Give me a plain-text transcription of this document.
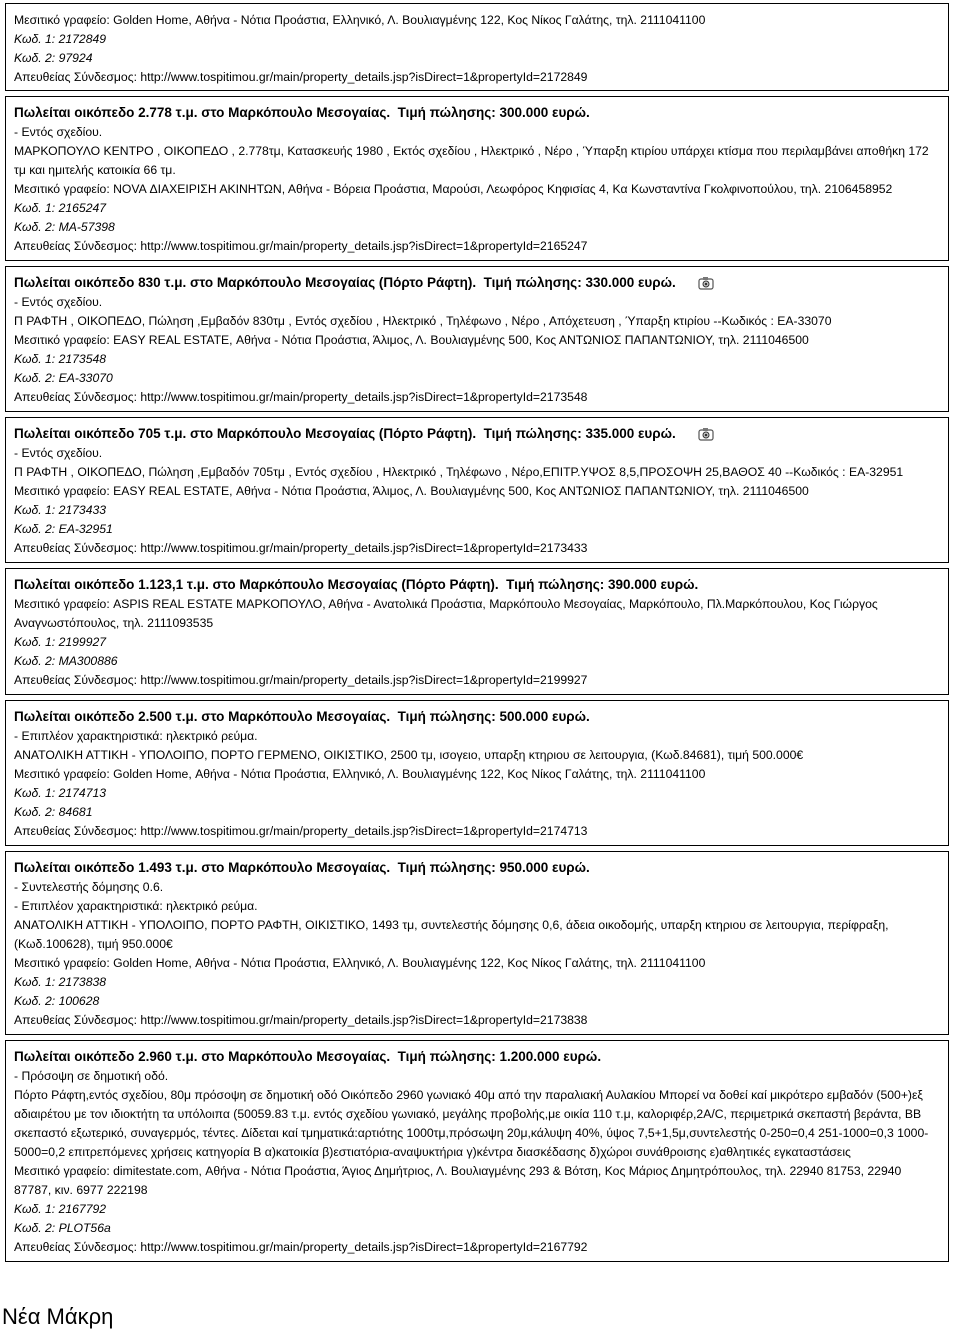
Μεσιτικό γραφείο: Golden Home, Αθήνα - Νότια Προάστια, Ελληνικό, Λ. Βουλιαγμένης 122, Κος Νίκος Γαλάτης, τηλ. 2111041100
Κωδ. 1: 2172849
Κωδ. 2: 97924
Απευθείας Σύνδεσμος: http://www.tospitimou.gr/main/property_details.jsp?isDirect=1&propertyId=2172849
Πωλείται οικόπεδο 2.778 τ.μ. στο Μαρκόπουλο Μεσογαίας.  Τιμή πώλησης: 300.000 ευρώ.
- Εντός σχεδίου.
ΜΑΡΚΟΠΟΥΛΟ ΚΕΝΤΡΟ , ΟΙΚΟΠΕΔΟ , 2.778τμ, Κατασκευής 1980 , Εκτός σχεδίου , Ηλεκτρικό , Νέρο , Ύπαρξη κτιρίου υπάρχει κτίσμα που περιλαμβάνει αποθήκη 172 τμ και ημιτελής κατοικία 66 τμ.
Μεσιτικό γραφείο: NOVA ΔΙΑΧΕΙΡΙΣΗ ΑΚΙΝΗΤΩΝ, Αθήνα - Βόρεια Προάστια, Μαρούσι, Λεωφόρος Κηφισίας 4, Κα Κωνσταντίνα Γκολφινοπούλου, τηλ. 2106458952
Κωδ. 1: 2165247
Κωδ. 2: ΜΑ-57398
Απευθείας Σύνδεσμος: http://www.tospitimou.gr/main/property_details.jsp?isDirect=1&propertyId=2165247
Πωλείται οικόπεδο 830 τ.μ. στο Μαρκόπουλο Μεσογαίας (Πόρτο Ράφτη).  Τιμή πώλησης: 330.000 ευρώ.
- Εντός σχεδίου.
Π ΡΑΦΤΗ , ΟΙΚΟΠΕΔΟ, Πώληση ,Εμβαδόν 830τμ , Εντός σχεδίου , Ηλεκτρικό , Τηλέφωνο , Νέρο , Απόχετευση , Ύπαρξη κτιρίου --Κωδικός : ΕΑ-33070
Μεσιτικό γραφείο: EASY REAL ESTATE, Αθήνα - Νότια Προάστια, Άλιμος, Λ. Βουλιαγμένης 500, Κος ΑΝΤΩΝΙΟΣ ΠΑΠΑΝΤΩΝΙΟΥ, τηλ. 2111046500
Κωδ. 1: 2173548
Κωδ. 2: ΕΑ-33070
Απευθείας Σύνδεσμος: http://www.tospitimou.gr/main/property_details.jsp?isDirect=1&propertyId=2173548
Πωλείται οικόπεδο 705 τ.μ. στο Μαρκόπουλο Μεσογαίας (Πόρτο Ράφτη).  Τιμή πώλησης: 335.000 ευρώ.
- Εντός σχεδίου.
Π ΡΑΦΤΗ , ΟΙΚΟΠΕΔΟ, Πώληση ,Εμβαδόν 705τμ , Εντός σχεδίου , Ηλεκτρικό , Τηλέφωνο , Νέρο,ΕΠΙΤΡ.ΥΨΟΣ 8,5,ΠΡΟΣΟΨΗ 25,ΒΑΘΟΣ 40 --Κωδικός : ΕΑ-32951
Μεσιτικό γραφείο: EASY REAL ESTATE, Αθήνα - Νότια Προάστια, Άλιμος, Λ. Βουλιαγμένης 500, Κος ΑΝΤΩΝΙΟΣ ΠΑΠΑΝΤΩΝΙΟΥ, τηλ. 2111046500
Κωδ. 1: 2173433
Κωδ. 2: ΕΑ-32951
Απευθείας Σύνδεσμος: http://www.tospitimou.gr/main/property_details.jsp?isDirect=1&propertyId=2173433
Πωλείται οικόπεδο 1.123,1 τ.μ. στο Μαρκόπουλο Μεσογαίας (Πόρτο Ράφτη).  Τιμή πώλησης: 390.000 ευρώ.
Μεσιτικό γραφείο: ASPIS REAL ESTATE ΜΑΡΚΟΠΟΥΛΟ, Αθήνα - Ανατολικά Προάστια, Μαρκόπουλο Μεσογαίας, Μαρκόπουλο, Πλ.Μαρκόπουλου, Κος Γιώργος Αναγνωστόπουλος, τηλ. 2111093535
Κωδ. 1: 2199927
Κωδ. 2: ΜΑ300886
Απευθείας Σύνδεσμος: http://www.tospitimou.gr/main/property_details.jsp?isDirect=1&propertyId=2199927
Πωλείται οικόπεδο 2.500 τ.μ. στο Μαρκόπουλο Μεσογαίας.  Τιμή πώλησης: 500.000 ευρώ.
- Επιπλέον χαρακτηριστικά: ηλεκτρικό ρεύμα.
ΑΝΑΤΟΛΙΚΗ ΑΤΤΙΚΗ - ΥΠΟΛΟΙΠΟ, ΠΟΡΤΟ ΓΕΡΜΕΝΟ, ΟΙΚΙΣΤΙΚΟ, 2500 τμ, ισογειο, υπαρξη κτηριου σε λειτουργια, (Κωδ.84681), τιμή 500.000€
Μεσιτικό γραφείο: Golden Home, Αθήνα - Νότια Προάστια, Ελληνικό, Λ. Βουλιαγμένης 122, Κος Νίκος Γαλάτης, τηλ. 2111041100
Κωδ. 1: 2174713
Κωδ. 2: 84681
Απευθείας Σύνδεσμος: http://www.tospitimou.gr/main/property_details.jsp?isDirect=1&propertyId=2174713
Πωλείται οικόπεδο 1.493 τ.μ. στο Μαρκόπουλο Μεσογαίας.  Τιμή πώλησης: 950.000 ευρώ.
- Συντελεστής δόμησης 0.6.
- Επιπλέον χαρακτηριστικά: ηλεκτρικό ρεύμα.
ΑΝΑΤΟΛΙΚΗ ΑΤΤΙΚΗ - ΥΠΟΛΟΙΠΟ, ΠΟΡΤΟ ΡΑΦΤΗ, ΟΙΚΙΣΤΙΚΟ, 1493 τμ, συντελεστής δόμησης 0,6, άδεια οικοδομής, υπαρξη κτηριου σε λειτουργια, περίφραξη, (Κωδ.100628), τιμή 950.000€
Μεσιτικό γραφείο: Golden Home, Αθήνα - Νότια Προάστια, Ελληνικό, Λ. Βουλιαγμένης 122, Κος Νίκος Γαλάτης, τηλ. 2111041100
Κωδ. 1: 2173838
Κωδ. 2: 100628
Απευθείας Σύνδεσμος: http://www.tospitimou.gr/main/property_details.jsp?isDirect=1&propertyId=2173838
Πωλείται οικόπεδο 2.960 τ.μ. στο Μαρκόπουλο Μεσογαίας.  Τιμή πώλησης: 1.200.000 ευρώ.
- Πρόσοψη σε δημοτική οδό.
Πόρτο Ράφτη,εντός σχεδίου, 80μ πρόσοψη σε δημοτική οδό Οικόπεδο 2960 γωνιακό 40μ από την παραλιακή Αυλακίου Μπορεί να δοθεί καί μικρότερο εμβαδόν (500+)εξ αδιαιρέτου με τον ιδιοκτήτη τα υπόλοιπα (50059.83 τ.μ. εντός σχεδίου γωνιακό, μεγάλης προβολής,με οικία 110 τ.μ, καλοριφέρ,2Α/C, περιμετρικά σκεπαστή βεράντα, ΒΒ σκεπαστό εξωτερικό, συναγερμός, τέντες. Δίδεται καί τμηματικά:αρτιότης 1000τμ,πρόσωψη 20μ,κάλυψη 40%, ύψος 7,5+1,5μ,συντελεστής 0-250=0,4 251-1000=0,3 1000-5000=0,2 επιτρεπόμενες χρήσεις κατηγορία Β α)κατοικία β)εστιατόρια-αναψυκτήρια γ)κέντρα διασκέδασης δ)χώροι συνάθροισης ε)αθλητικές εγκαταστάσεις
Μεσιτικό γραφείο: dimitestate.com, Αθήνα - Νότια Προάστια, Άγιος Δημήτριος, Λ. Βουλιαγμένης 293 & Βότση, Κος Μάριος Δημητρόπουλος, τηλ. 22940 81753, 22940 87787, κιν. 6977 222198
Κωδ. 1: 2167792
Κωδ. 2: PLOT56a
Απευθείας Σύνδεσμος: http://www.tospitimou.gr/main/property_details.jsp?isDirect=1&propertyId=2167792
Νέα Μάκρη
